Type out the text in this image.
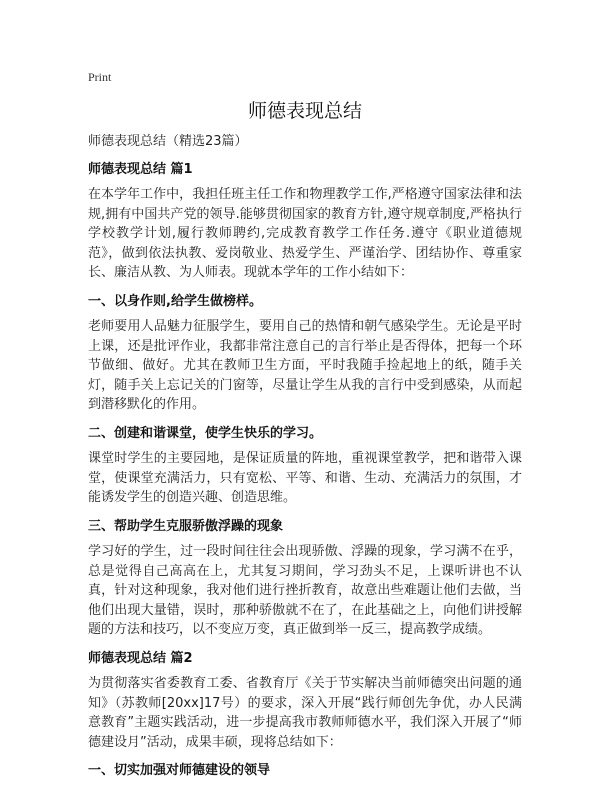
Print
师德表现总结

师德表现总结（精选23篇）

师德表现总结 篇1

在本学年工作中，我担任班主任工作和物理教学工作,严格遵守国家法律和法规,拥有中国共产党的领导.能够贯彻国家的教育方针,遵守规章制度,严格执行学校教学计划,履行教师聘约,完成教育教学工作任务.遵守《职业道德规范》，做到依法执教、爱岗敬业、热爱学生、严谨治学、团结协作、尊重家长、廉洁从教、为人师表。现就本学年的工作小结如下：

一、以身作则,给学生做榜样。

老师要用人品魅力征服学生，要用自己的热情和朝气感染学生。无论是平时上课，还是批评作业，我都非常注意自己的言行举止是否得体，把每一个环节做细、做好。尤其在教师卫生方面，平时我随手捡起地上的纸，随手关灯，随手关上忘记关的门窗等，尽量让学生从我的言行中受到感染，从而起到潜移默化的作用。

二、创建和谐课堂，使学生快乐的学习。

课堂时学生的主要园地，是保证质量的阵地，重视课堂教学，把和谐带入课堂，使课堂充满活力，只有宽松、平等、和谐、生动、充满活力的氛围，才能诱发学生的创造兴趣、创造思维。

三、帮助学生克服骄傲浮躁的现象

学习好的学生，过一段时间往往会出现骄傲、浮躁的现象，学习满不在乎，总是觉得自己高高在上，尤其复习期间，学习劲头不足，上课听讲也不认真，针对这种现象，我对他们进行挫折教育，故意出些难题让他们去做，当他们出现大量错，误时，那种骄傲就不在了，在此基础之上，向他们讲授解题的方法和技巧，以不变应万变，真正做到举一反三，提高教学成绩。

师德表现总结 篇2

为贯彻落实省委教育工委、省教育厅《关于节实解决当前师德突出问题的通知》（苏教师[20xx]17号）的要求，深入开展“践行师创先争优，办人民满意教育”主题实践活动，进一步提高我市教师师德水平，我们深入开展了“师德建设月”活动，成果丰硕，现将总结如下：

一、切实加强对师德建设的领导
